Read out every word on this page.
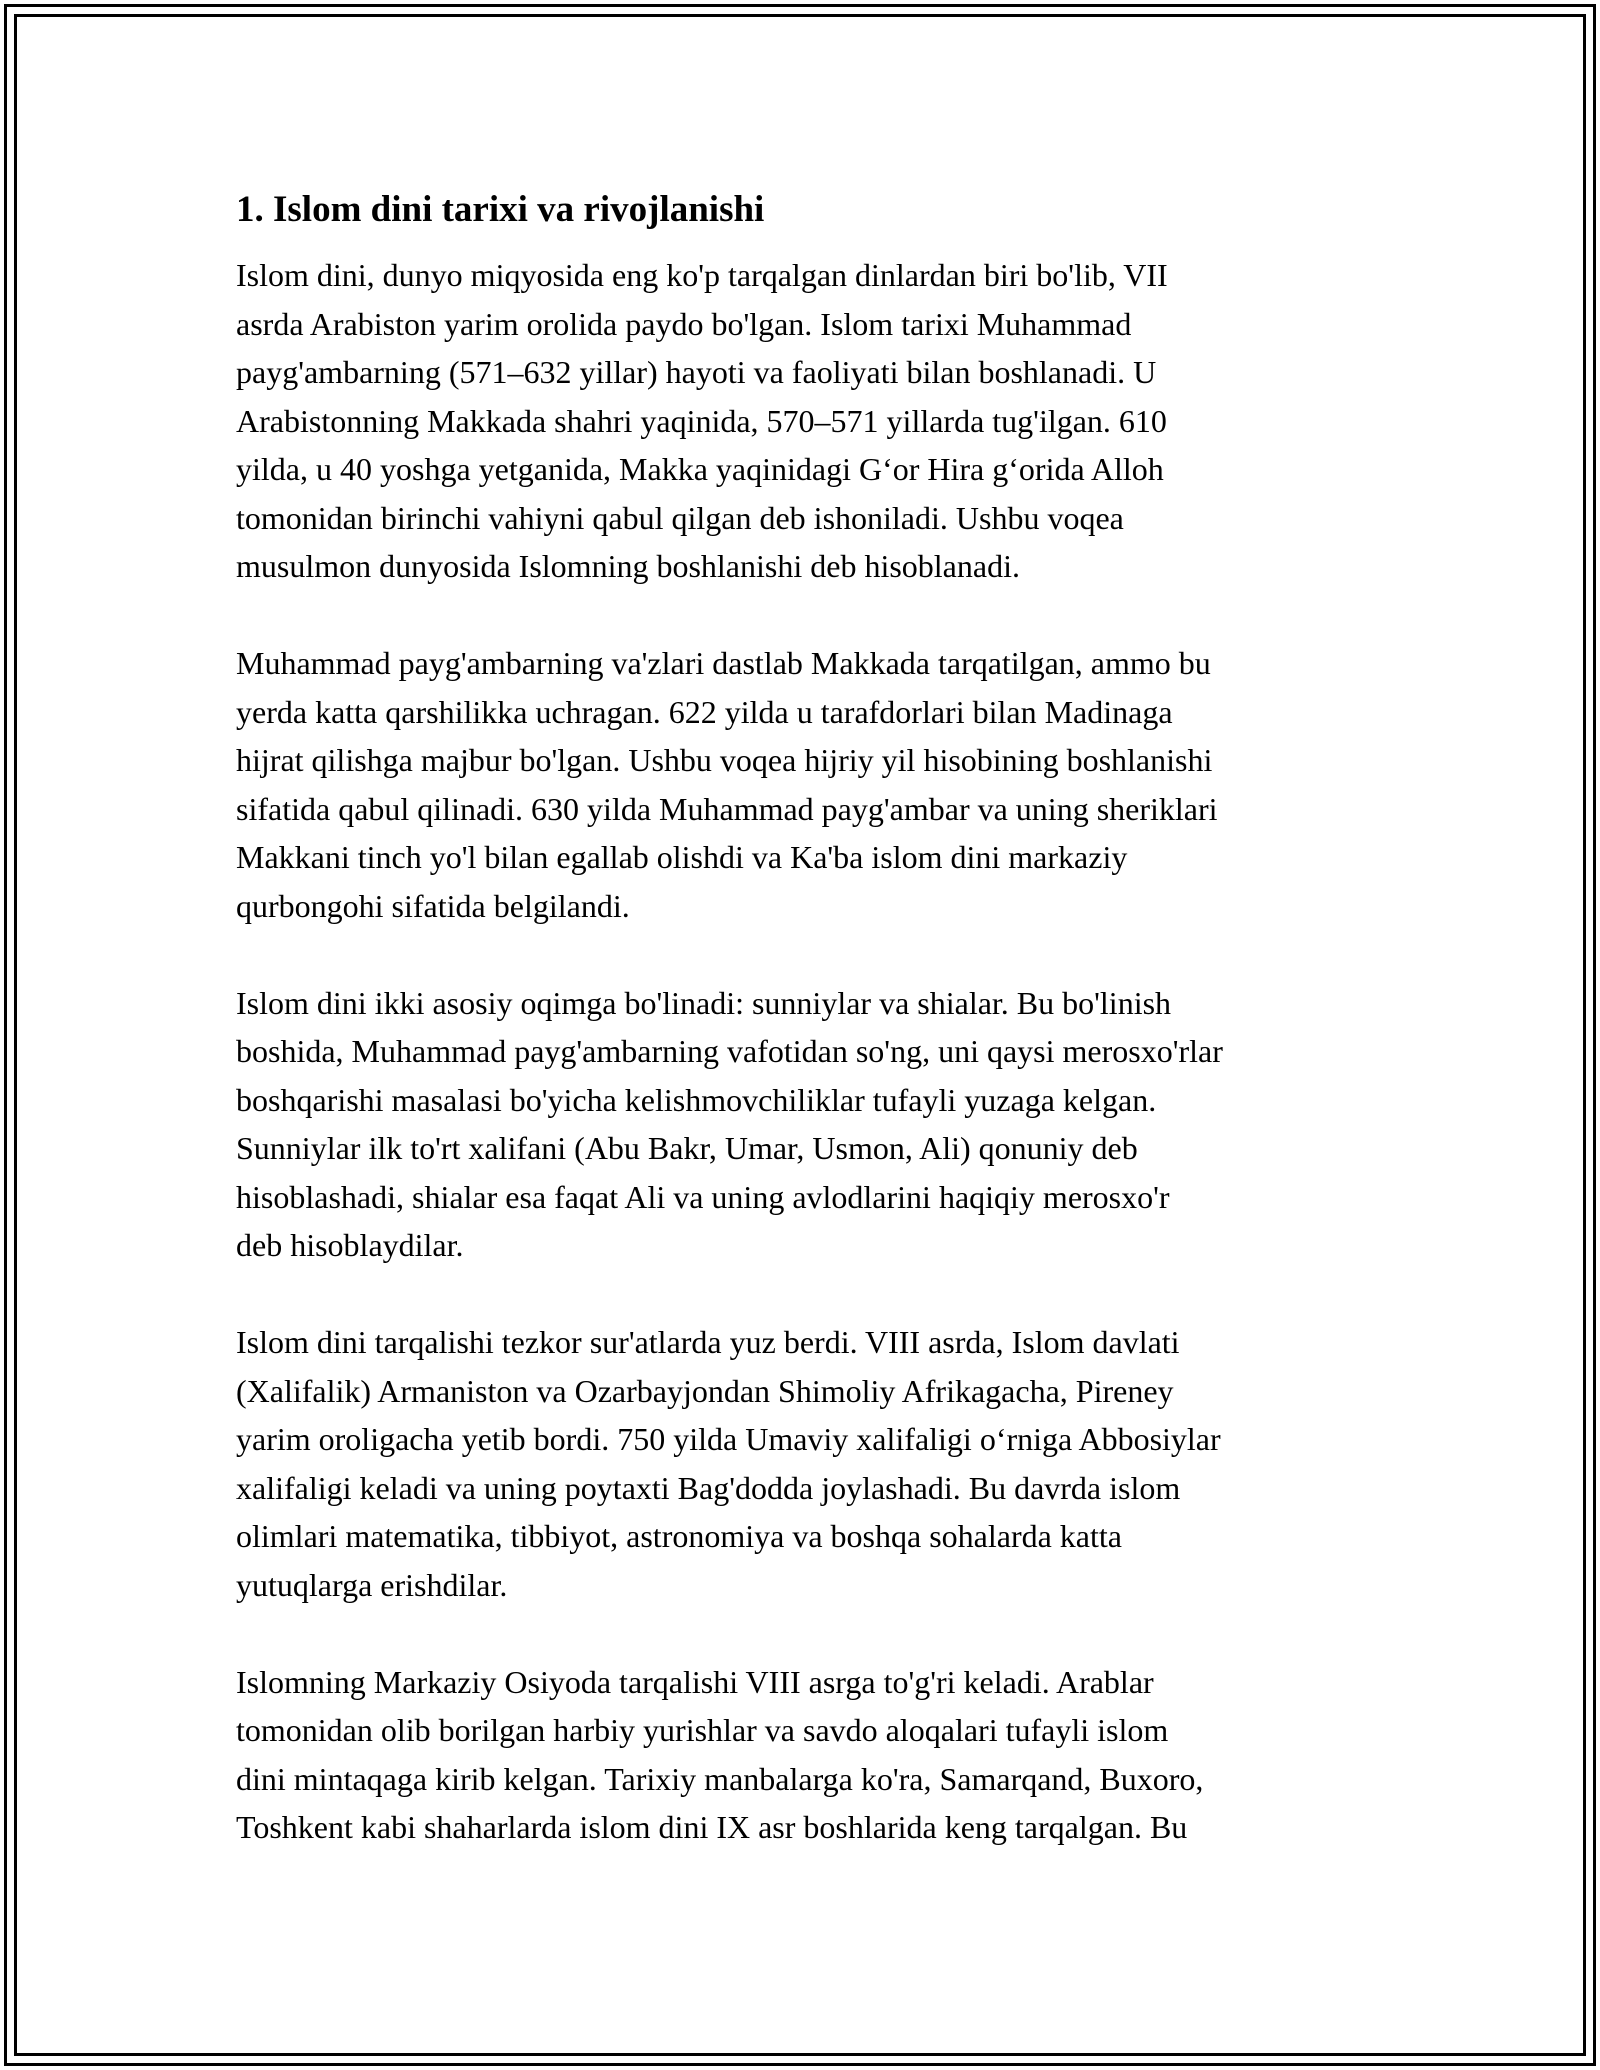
1. Islom dini tarixi va rivojlanishi

Islom dini, dunyo miqyosida eng ko'p tarqalgan dinlardan biri bo'lib, VII
asrda Arabiston yarim orolida paydo bo'lgan. Islom tarixi Muhammad
payg'ambarning (571–632 yillar) hayoti va faoliyati bilan boshlanadi. U
Arabistonning Makkada shahri yaqinida, 570–571 yillarda tug'ilgan. 610
yilda, u 40 yoshga yetganida, Makka yaqinidagi G‘or Hira g‘orida Alloh
tomonidan birinchi vahiyni qabul qilgan deb ishoniladi. Ushbu voqea
musulmon dunyosida Islomning boshlanishi deb hisoblanadi.

Muhammad payg'ambarning va'zlari dastlab Makkada tarqatilgan, ammo bu
yerda katta qarshilikka uchragan. 622 yilda u tarafdorlari bilan Madinaga
hijrat qilishga majbur bo'lgan. Ushbu voqea hijriy yil hisobining boshlanishi
sifatida qabul qilinadi. 630 yilda Muhammad payg'ambar va uning sheriklari
Makkani tinch yo'l bilan egallab olishdi va Ka'ba islom dini markaziy
qurbongohi sifatida belgilandi.

Islom dini ikki asosiy oqimga bo'linadi: sunniylar va shialar. Bu bo'linish
boshida, Muhammad payg'ambarning vafotidan so'ng, uni qaysi merosxo'rlar
boshqarishi masalasi bo'yicha kelishmovchiliklar tufayli yuzaga kelgan.
Sunniylar ilk to'rt xalifani (Abu Bakr, Umar, Usmon, Ali) qonuniy deb
hisoblashadi, shialar esa faqat Ali va uning avlodlarini haqiqiy merosxo'r
deb hisoblaydilar.

Islom dini tarqalishi tezkor sur'atlarda yuz berdi. VIII asrda, Islom davlati
(Xalifalik) Armaniston va Ozarbayjondan Shimoliy Afrikagacha, Pireney
yarim oroligacha yetib bordi. 750 yilda Umaviy xalifaligi o‘rniga Abbosiylar
xalifaligi keladi va uning poytaxti Bag'dodda joylashadi. Bu davrda islom
olimlari matematika, tibbiyot, astronomiya va boshqa sohalarda katta
yutuqlarga erishdilar.

Islomning Markaziy Osiyoda tarqalishi VIII asrga to'g'ri keladi. Arablar
tomonidan olib borilgan harbiy yurishlar va savdo aloqalari tufayli islom
dini mintaqaga kirib kelgan. Tarixiy manbalarga ko'ra, Samarqand, Buxoro,
Toshkent kabi shaharlarda islom dini IX asr boshlarida keng tarqalgan. Bu
